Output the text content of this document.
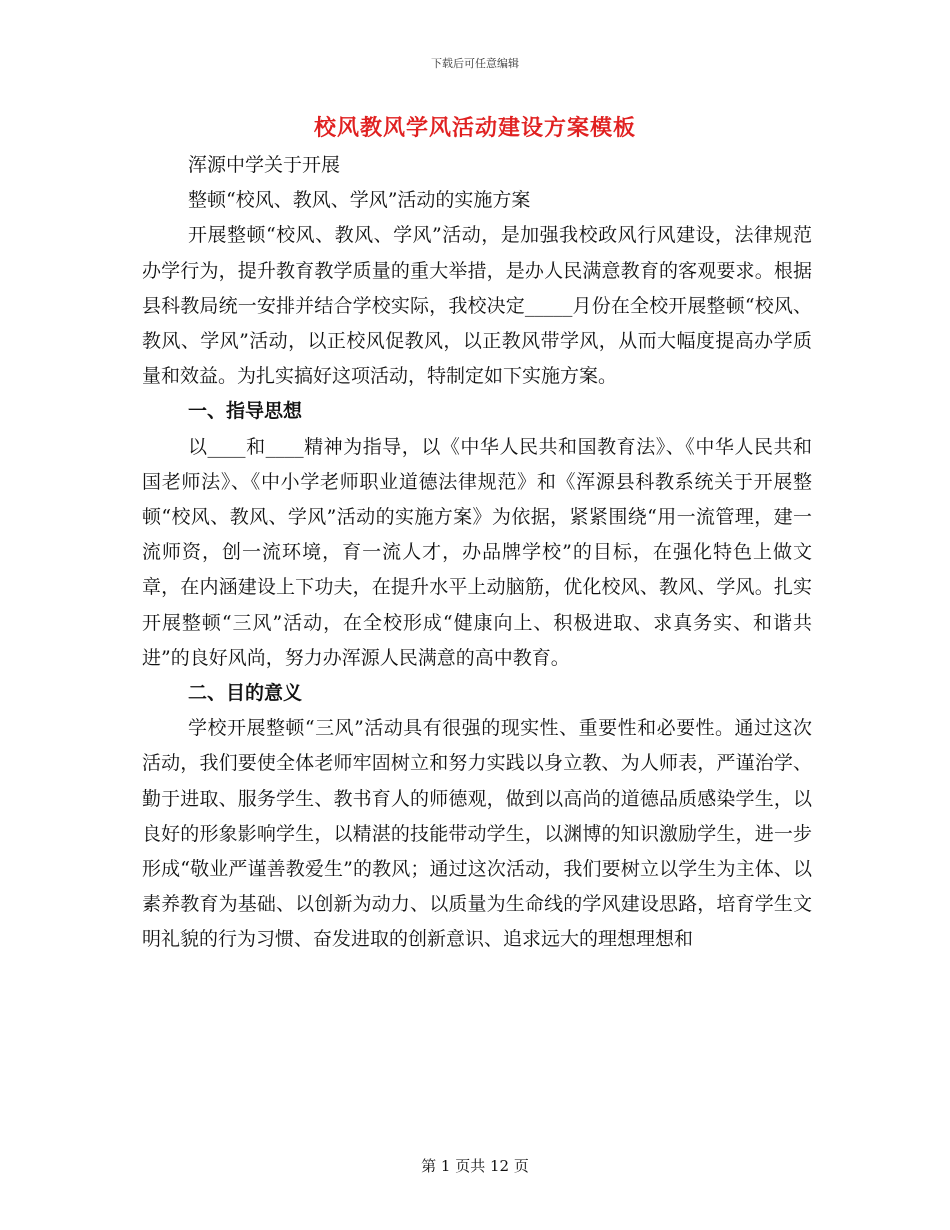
下载后可任意编辑
校风教风学风活动建设方案模板

浑源中学关于开展

整顿“校风、教风、学风”活动的实施方案

开展整顿“校风、教风、学风”活动，是加强我校政风行风建设，法律规范办学行为，提升教育教学质量的重大举措，是办人民满意教育的客观要求。根据县科教局统一安排并结合学校实际，我校决定_____月份在全校开展整顿“校风、教风、学风”活动，以正校风促教风，以正教风带学风，从而大幅度提高办学质量和效益。为扎实搞好这项活动，特制定如下实施方案。

一、指导思想

以____和____精神为指导，以《中华人民共和国教育法》、《中华人民共和国老师法》、《中小学老师职业道德法律规范》和《浑源县科教系统关于开展整顿“校风、教风、学风”活动的实施方案》为依据，紧紧围绕“用一流管理，建一流师资，创一流环境，育一流人才，办品牌学校”的目标，在强化特色上做文章，在内涵建设上下功夫，在提升水平上动脑筋，优化校风、教风、学风。扎实开展整顿“三风”活动，在全校形成“健康向上、积极进取、求真务实、和谐共进”的良好风尚，努力办浑源人民满意的高中教育。

二、目的意义

学校开展整顿“三风”活动具有很强的现实性、重要性和必要性。通过这次活动，我们要使全体老师牢固树立和努力实践以身立教、为人师表，严谨治学、勤于进取、服务学生、教书育人的师德观，做到以高尚的道德品质感染学生，以良好的形象影响学生，以精湛的技能带动学生，以渊博的知识激励学生，进一步形成“敬业严谨善教爱生”的教风；通过这次活动，我们要树立以学生为主体、以素养教育为基础、以创新为动力、以质量为生命线的学风建设思路，培育学生文明礼貌的行为习惯、奋发进取的创新意识、追求远大的理想理想和

第 1 页共 12 页
